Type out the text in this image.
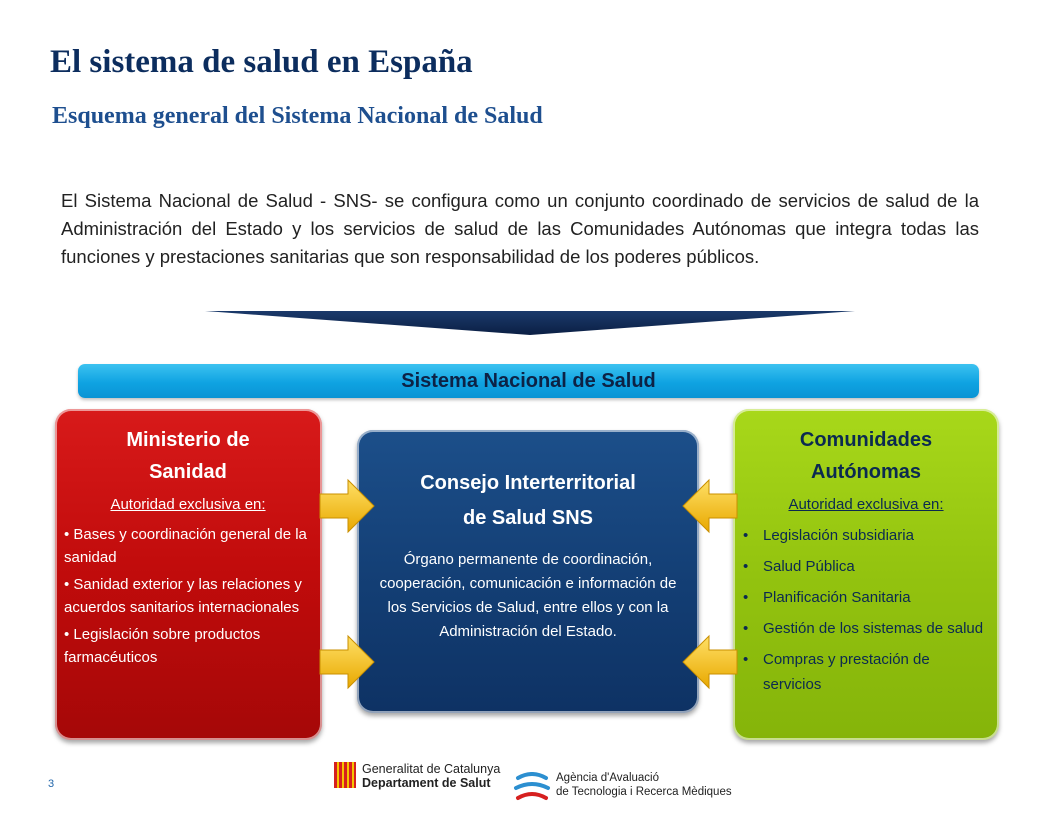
El sistema de salud en España
Esquema general del Sistema Nacional de Salud

El Sistema Nacional de Salud - SNS- se configura como un conjunto coordinado de servicios de salud de la Administración del Estado y los servicios de salud de las Comunidades Autónomas que integra todas las funciones y prestaciones sanitarias que son responsabilidad de los poderes públicos.

Sistema Nacional de Salud
Ministerio de
Sanidad
Autoridad exclusiva en:
• Bases y coordinación general de la sanidad
• Sanidad exterior y las relaciones y acuerdos sanitarios internacionales
• Legislación sobre productos farmacéuticos
Consejo Interterritorial
de Salud SNS
Órgano permanente de coordinación, cooperación, comunicación e información de los Servicios de Salud, entre ellos y con la Administración del Estado.
Comunidades
Autónomas
Autoridad exclusiva en:
• Legislación subsidiaria
• Salud Pública
• Planificación Sanitaria
• Gestión de los sistemas de salud
• Compras y prestación de servicios
3
Generalitat de Catalunya
Departament de Salut	Agència d'Avaluació
de Tecnologia i Recerca Mèdiques
